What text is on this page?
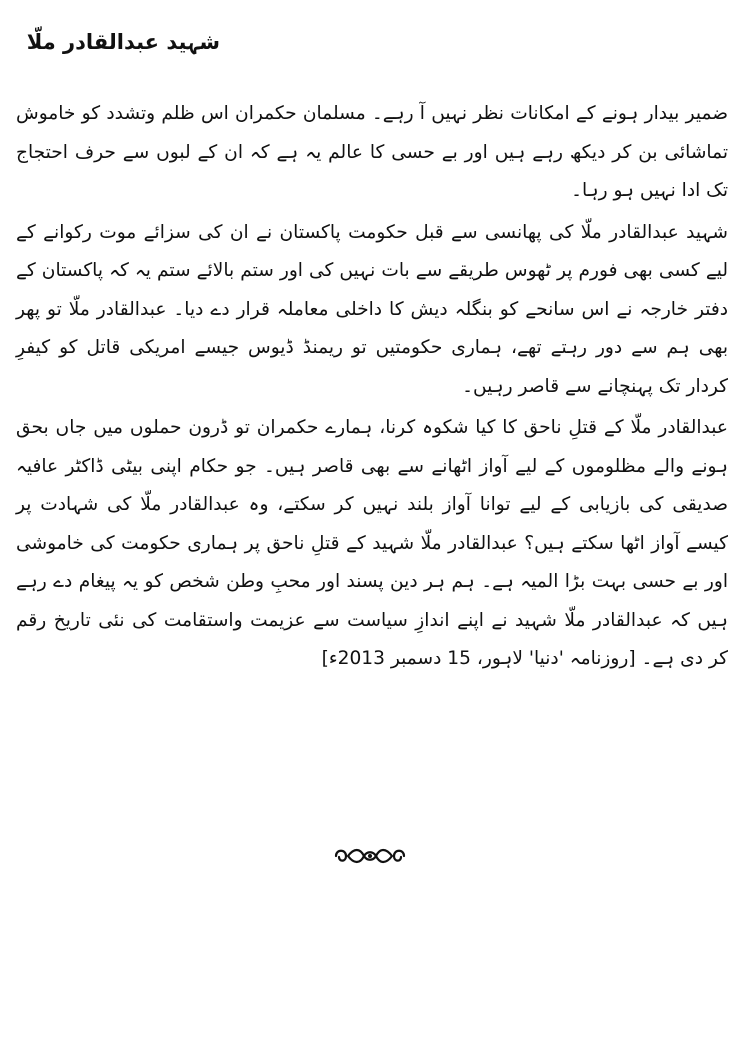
شہید عبدالقادر ملّا

ضمیر بیدار ہونے کے امکانات نظر نہیں آ رہے۔ مسلمان حکمران اس ظلم وتشدد کو خاموش تماشائی بن کر دیکھ رہے ہیں اور بے حسی کا عالم یہ ہے کہ ان کے لبوں سے حرف احتجاج تک ادا نہیں ہو رہا۔

شہید عبدالقادر ملّا کی پھانسی سے قبل حکومت پاکستان نے ان کی سزائے موت رکوانے کے لیے کسی بھی فورم پر ٹھوس طریقے سے بات نہیں کی اور ستم بالائے ستم یہ کہ پاکستان کے دفتر خارجہ نے اس سانحے کو بنگلہ دیش کا داخلی معاملہ قرار دے دیا۔ عبدالقادر ملّا تو پھر بھی ہم سے دور رہتے تھے، ہماری حکومتیں تو ریمنڈ ڈیوس جیسے امریکی قاتل کو کیفرِ کردار تک پہنچانے سے قاصر رہیں۔

عبدالقادر ملّا کے قتلِ ناحق کا کیا شکوہ کرنا، ہمارے حکمران تو ڈرون حملوں میں جاں بحق ہونے والے مظلوموں کے لیے آواز اٹھانے سے بھی قاصر ہیں۔ جو حکام اپنی بیٹی ڈاکٹر عافیہ صدیقی کی بازیابی کے لیے توانا آواز بلند نہیں کر سکتے، وہ عبدالقادر ملّا کی شہادت پر کیسے آواز اٹھا سکتے ہیں؟ عبدالقادر ملّا شہید کے قتلِ ناحق پر ہماری حکومت کی خاموشی اور بے حسی بہت بڑا المیہ ہے۔ ہم ہر دین پسند اور محبِ وطن شخص کو یہ پیغام دے رہے ہیں کہ عبدالقادر ملّا شہید نے اپنے اندازِ سیاست سے عزیمت واستقامت کی نئی تاریخ رقم کر دی ہے۔ [روزنامہ 'دنیا' لاہور، 15 دسمبر 2013ء]
